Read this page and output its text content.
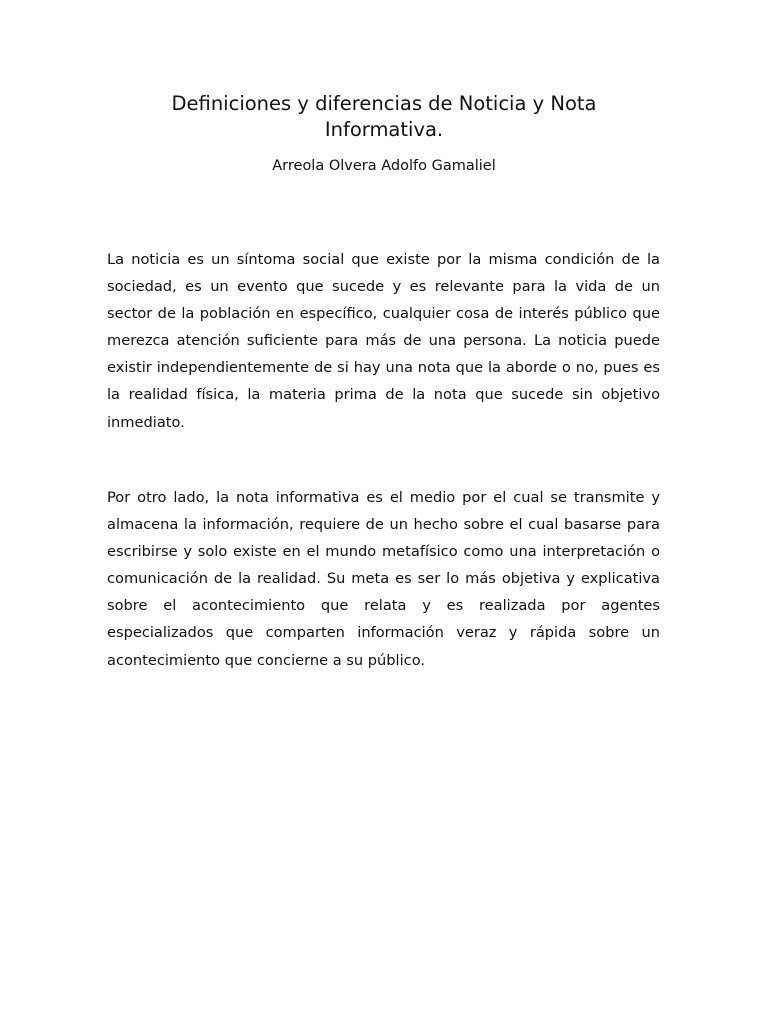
Definiciones y diferencias de Noticia y Nota Informativa.

Arreola Olvera Adolfo Gamaliel

La noticia es un síntoma social que existe por la misma condición de la sociedad, es un evento que sucede y es relevante para la vida de un sector de la población en específico, cualquier cosa de interés público que merezca atención suficiente para más de una persona. La noticia puede existir independientemente de si hay una nota que la aborde o no, pues es la realidad física, la materia prima de la nota que sucede sin objetivo inmediato.

Por otro lado, la nota informativa es el medio por el cual se transmite y almacena la información, requiere de un hecho sobre el cual basarse para escribirse y solo existe en el mundo metafísico como una interpretación o comunicación de la realidad. Su meta es ser lo más objetiva y explicativa sobre el acontecimiento que relata y es realizada por agentes especializados que comparten información veraz y rápida sobre un acontecimiento que concierne a su público.
